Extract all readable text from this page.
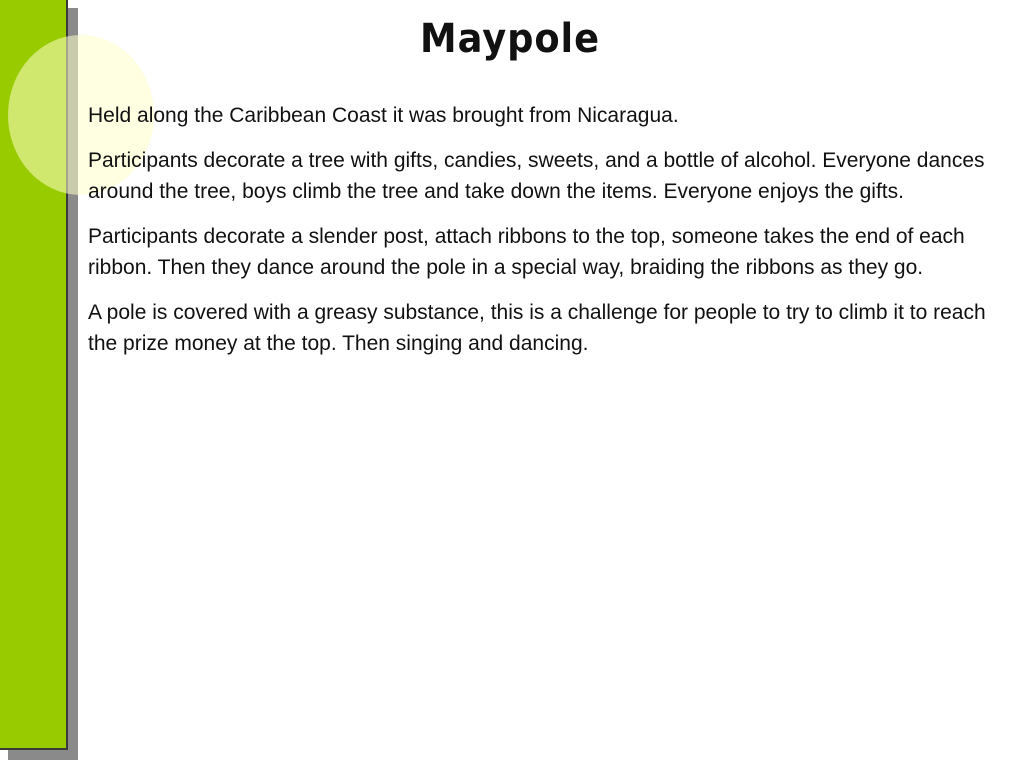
Maypole

Held along the Caribbean Coast it was brought from Nicaragua.

Participants decorate a tree with gifts, candies, sweets, and a bottle of alcohol. Everyone dances around the tree, boys climb the tree and take down the items. Everyone enjoys the gifts.

Participants decorate a slender post, attach ribbons to the top, someone takes the end of each ribbon. Then they dance around the pole in a special way, braiding the ribbons as they go.

A pole is covered with a greasy substance, this is a challenge for people to try to climb it to reach the prize money at the top. Then singing and dancing.
